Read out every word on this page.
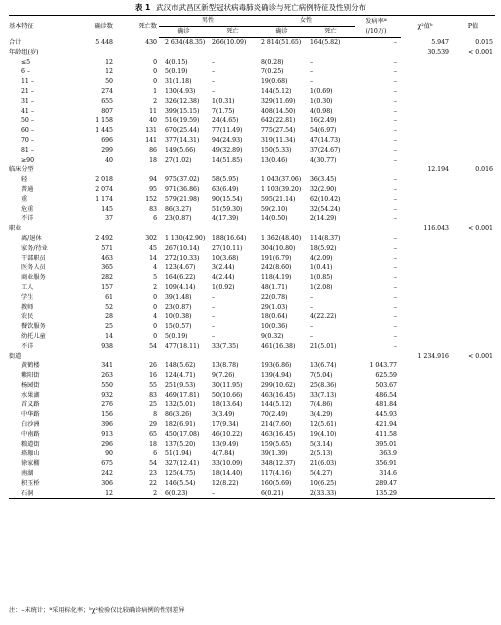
表 1 武汉市武昌区新型冠状病毒肺炎确诊与死亡病例特征及性别分布
基本特征	确诊数	死亡数	男性		女性		发病率ª	χ²值ᵇ	P值
			确诊	死亡	确诊	死亡	(/10万)		
合计	5 448	430	2 634(48.35)	266(10.09)	2 814(51.65)	164(5.82)	–	5.947	0.015
年龄组(岁)								30.539	< 0.001
≤5	12	0	4(0.15)	–	8(0.28)	–	–		
6 –	12	0	5(0.19)	–	7(0.25)	–	–		
11 –	50	0	31(1.18)	–	19(0.68)	–	–		
21 –	274	1	130(4.93)	–	144(5.12)	1(0.69)	–		
31 –	655	2	326(12.38)	1(0.31)	329(11.69)	1(0.30)	–		
41 –	807	11	399(15.15)	7(1.75)	408(14.50)	4(0.98)	–		
50 –	1 158	40	516(19.59)	24(4.65)	642(22.81)	16(2.49)	–		
60 –	1 445	131	670(25.44)	77(11.49)	775(27.54)	54(6.97)	–		
70 –	696	141	377(14.31)	94(24.93)	319(11.34)	47(14.73)	–		
81 –	299	86	149(5.66)	49(32.89)	150(5.33)	37(24.67)	–		
≥90	40	18	27(1.02)	14(51.85)	13(0.46)	4(30.77)	–		
临床分型								12.194	0.016
轻	2 018	94	975(37.02)	58(5.95)	1 043(37.06)	36(3.45)	–		
普通	2 074	95	971(36.86)	63(6.49)	1 103(39.20)	32(2.90)	–		
重	1 174	152	579(21.98)	90(15.54)	595(21.14)	62(10.42)	–		
危重	145	83	86(3.27)	51(59.30)	59(2.10)	32(54.24)	–		
不详	37	6	23(0.87)	4(17.39)	14(0.50)	2(14.29)	–		
职业								116.043	< 0.001
离/退休	2 492	302	1 130(42.90)	188(16.64)	1 362(48.40)	114(8.37)	–		
家务/待业	571	45	267(10.14)	27(10.11)	304(10.80)	18(5.92)	–		
干部职员	463	14	272(10.33)	10(3.68)	191(6.79)	4(2.09)	–		
医务人员	365	4	123(4.67)	3(2.44)	242(8.60)	1(0.41)	–		
商业服务	282	5	164(6.22)	4(2.44)	118(4.19)	1(0.85)	–		
工人	157	2	109(4.14)	1(0.92)	48(1.71)	1(2.08)	–		
学生	61	0	39(1.48)	–	22(0.78)	–	–		
教师	52	0	23(0.87)	–	29(1.03)	–	–		
农民	28	4	10(0.38)	–	18(0.64)	4(22.22)	–		
餐饮服务	25	0	15(0.57)	–	10(0.36)	–	–		
幼托儿童	14	0	5(0.19)	–	9(0.32)	–	–		
不详	938	54	477(18.11)	33(7.35)	461(16.38)	21(5.01)	–		
街道								1 234.916	< 0.001
黄鹤楼	341	26	148(5.62)	13(8.78)	193(6.86)	13(6.74)	1 043.77		
紫阳街	263	16	124(4.71)	9(7.26)	139(4.94)	7(5.04)	625.59		
杨园街	550	55	251(9.53)	30(11.95)	299(10.62)	25(8.36)	503.67		
水果湖	932	83	469(17.81)	50(10.66)	463(16.45)	33(7.13)	486.54		
首义路	276	25	132(5.01)	18(13.64)	144(5.12)	7(4.86)	481.84		
中华路	156	8	86(3.26)	3(3.49)	70(2.49)	3(4.29)	445.93		
白沙洲	396	29	182(6.91)	17(9.34)	214(7.60)	12(5.61)	421.94		
中南路	913	65	450(17.08)	46(10.22)	463(16.45)	19(4.10)	411.58		
粮道街	296	18	137(5.20)	13(9.49)	159(5.65)	5(3.14)	395.01		
珞珈山	90	6	51(1.94)	4(7.84)	39(1.39)	2(5.13)	363.9		
徐家棚	675	54	327(12.41)	33(10.09)	348(12.37)	21(6.03)	356.91		
南湖	242	23	125(4.75)	18(14.40)	117(4.16)	5(4.27)	314.6		
积玉桥	306	22	146(5.54)	12(8.22)	160(5.69)	10(6.25)	289.47		
石洞	12	2	6(0.23)	–	6(0.21)	2(33.33)	135.29		
注：–未统计；ª采用标化率；ᵇχ²检验仅比较确诊病例的性别差异
